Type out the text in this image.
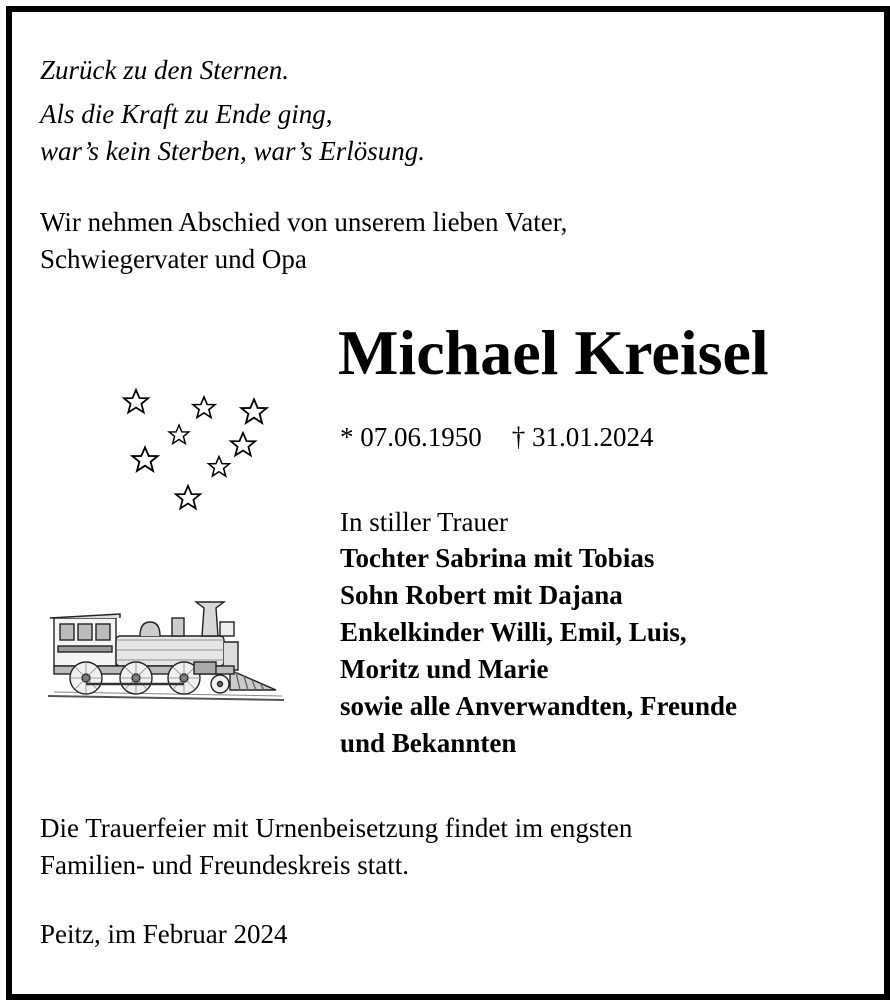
Zurück zu den Sternen.
Als die Kraft zu Ende ging,
war’s kein Sterben, war’s Erlösung.
Wir nehmen Abschied von unserem lieben Vater,
Schwiegervater und Opa
Michael Kreisel
* 07.06.1950 † 31.01.2024
In stiller Trauer
Tochter Sabrina mit Tobias
Sohn Robert mit Dajana
Enkelkinder Willi, Emil, Luis,
Moritz und Marie
sowie alle Anverwandten, Freunde
und Bekannten
Die Trauerfeier mit Urnenbeisetzung findet im engsten
Familien- und Freundeskreis statt.
Peitz, im Februar 2024
